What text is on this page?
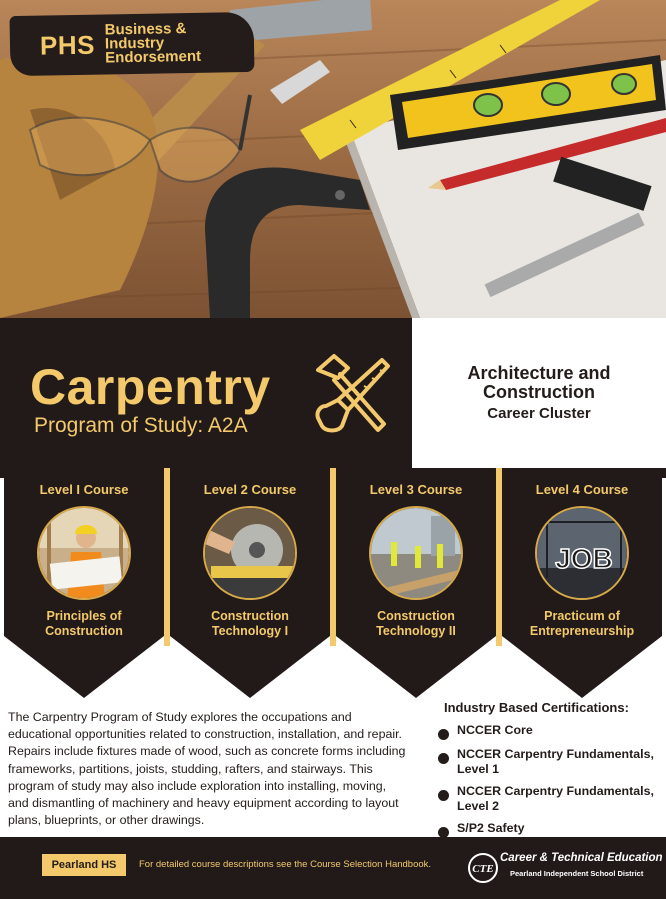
PHS Business &
Industry
Endorsement
Carpentry
Program of Study: A2A
Architecture and
Construction
Career Cluster
Level I Course
Principles of
Construction
Level 2 Course
Construction
Technology I
Level 3 Course
Construction
Technology II
Level 4 Course
JOB
Practicum of
Entrepreneurship

The Carpentry Program of Study explores the occupations and educational opportunities related to construction, installation, and repair. Repairs include fixtures made of wood, such as concrete forms including frameworks, partitions, joists, studding, rafters, and stairways. This program of study may also include exploration into installing, moving, and dismantling of machinery and heavy equipment according to layout plans, blueprints, or other drawings.

Industry Based Certifications:
NCCER Core
NCCER Carpentry Fundamentals, Level 1
NCCER Carpentry Fundamentals, Level 2
S/P2 Safety
Pearland HS	For detailed course descriptions see the Course Selection Handbook.	CTE
Career & Technical Education
Pearland Independent School District
